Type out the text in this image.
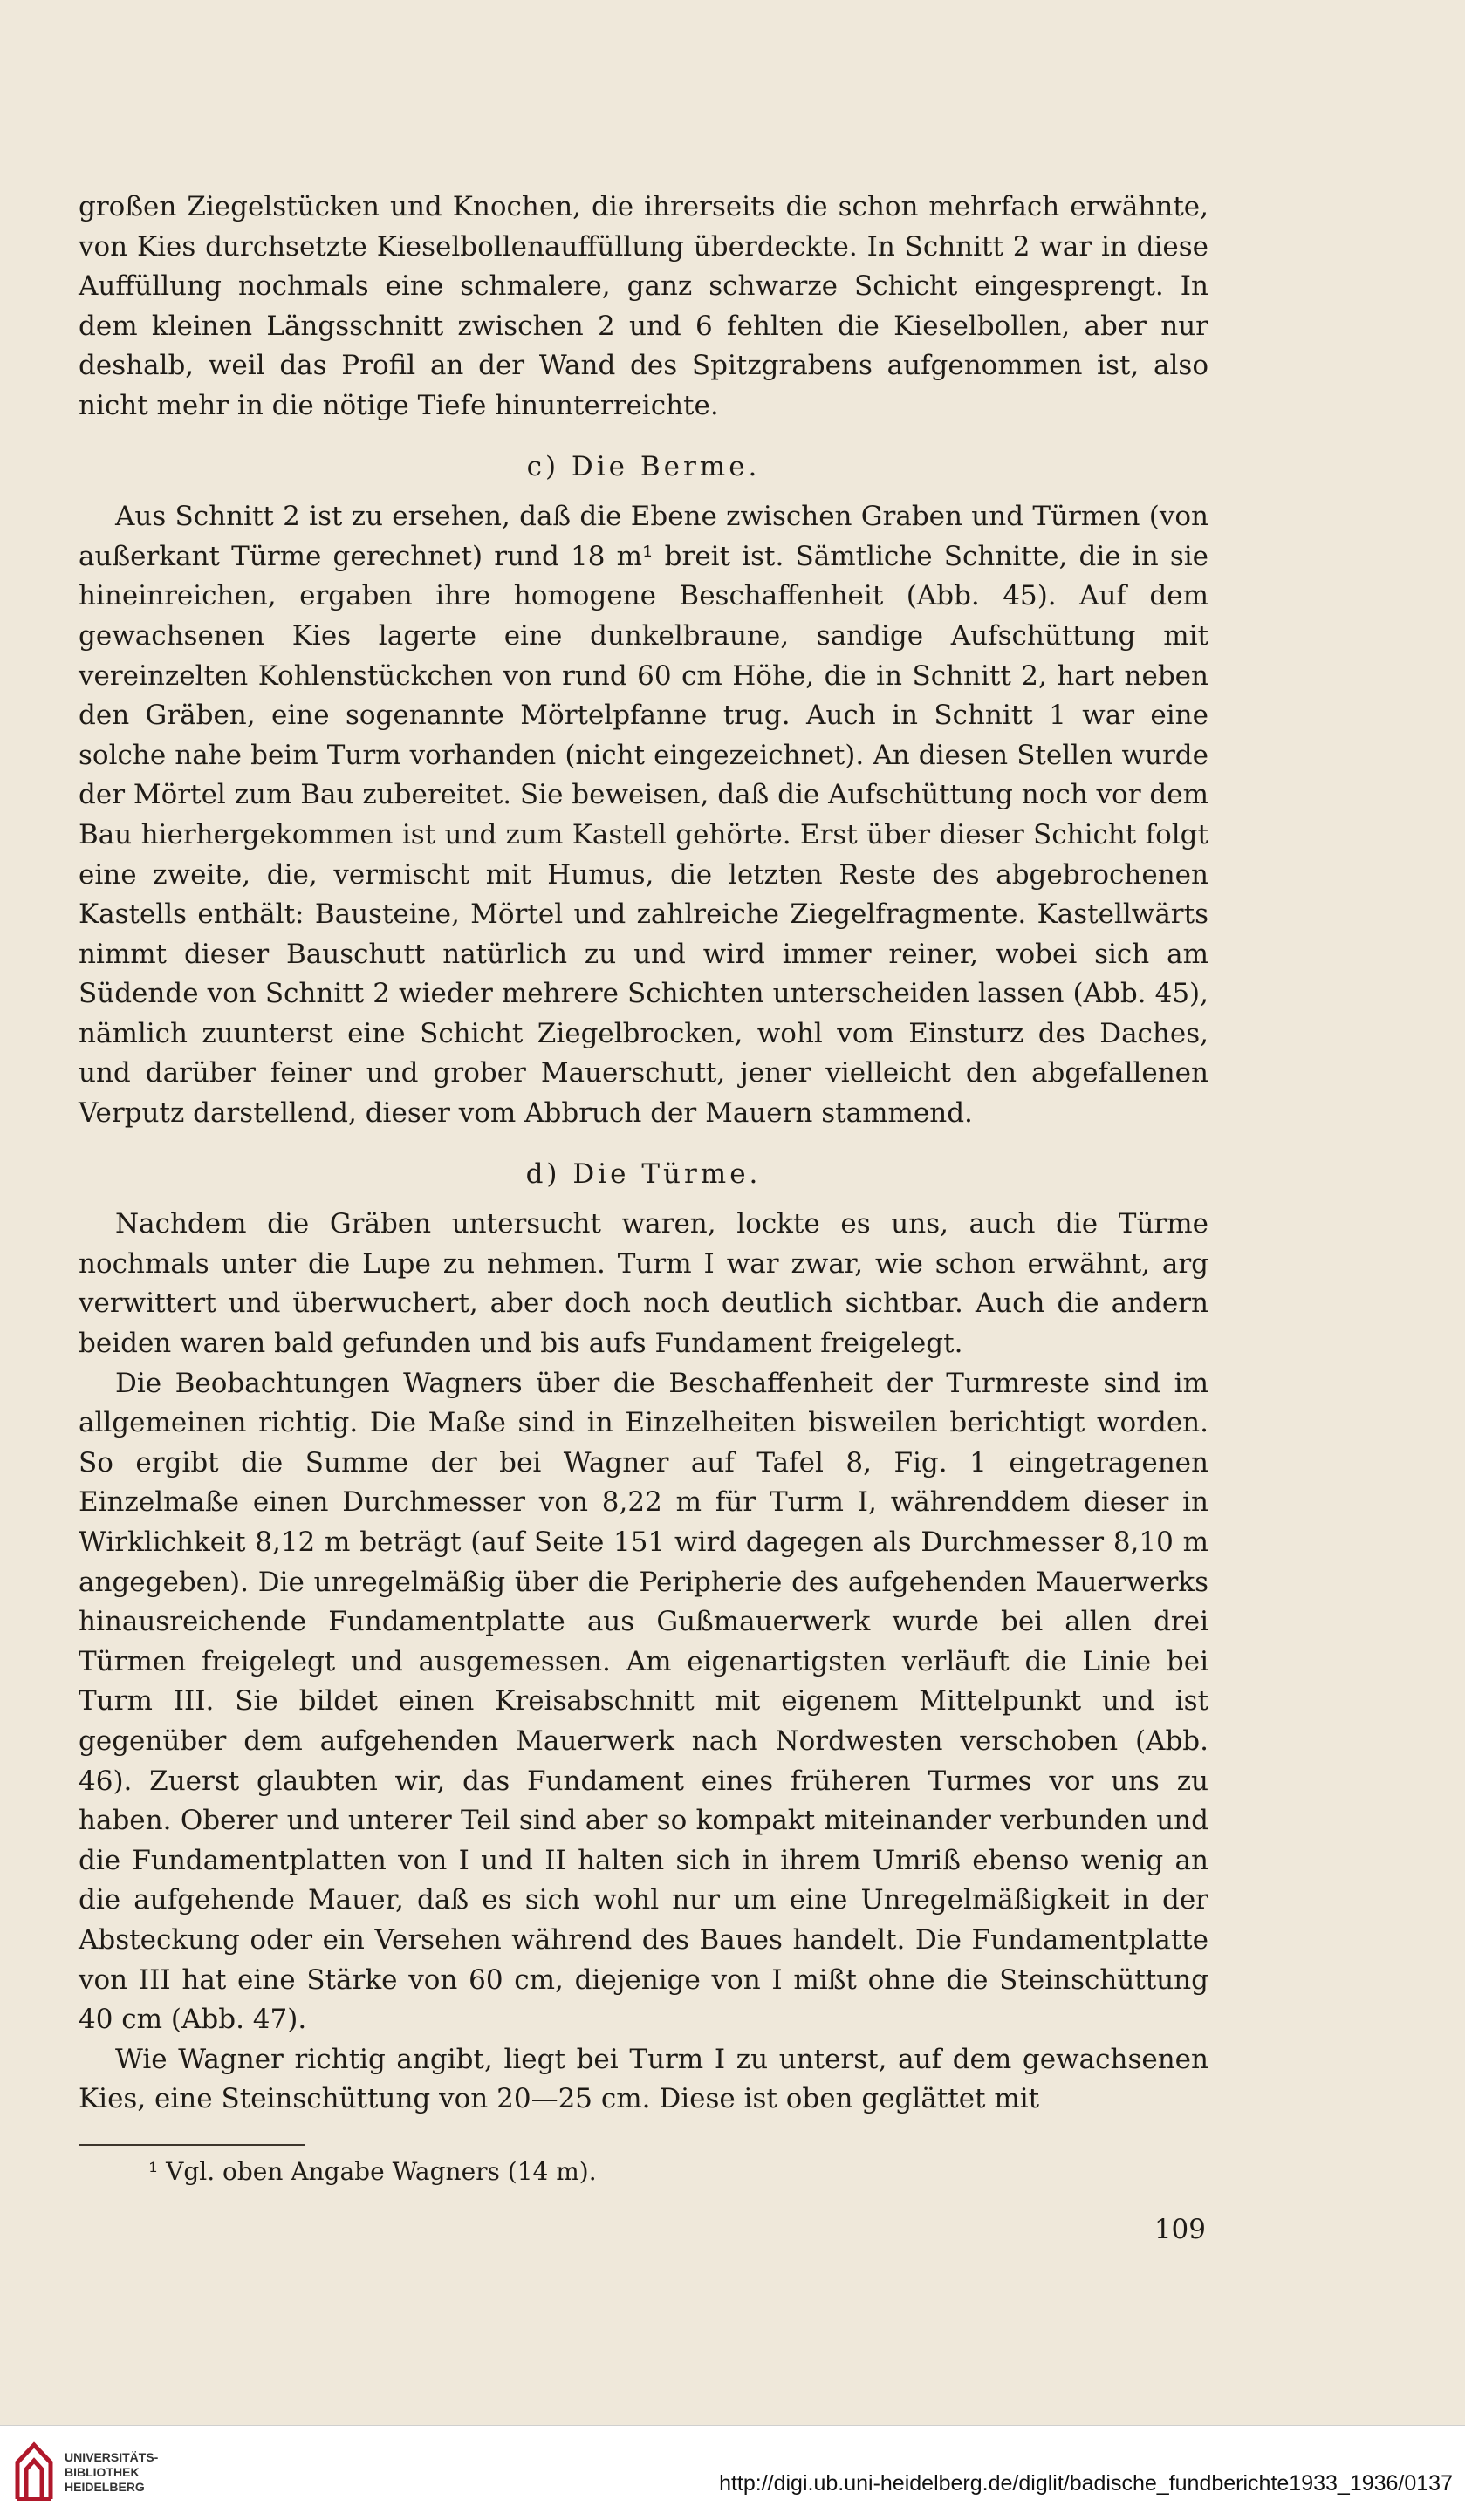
großen Ziegelstücken und Knochen, die ihrerseits die schon mehrfach erwähnte, von Kies durchsetzte Kieselbollenauffüllung überdeckte. In Schnitt 2 war in diese Auffüllung nochmals eine schmalere, ganz schwarze Schicht eingesprengt. In dem kleinen Längsschnitt zwischen 2 und 6 fehlten die Kieselbollen, aber nur deshalb, weil das Profil an der Wand des Spitzgrabens aufgenommen ist, also nicht mehr in die nötige Tiefe hinunterreichte.

c) Die Berme.

Aus Schnitt 2 ist zu ersehen, daß die Ebene zwischen Graben und Türmen (von außerkant Türme gerechnet) rund 18 m¹ breit ist. Sämtliche Schnitte, die in sie hineinreichen, ergaben ihre homogene Beschaffenheit (Abb. 45). Auf dem gewachsenen Kies lagerte eine dunkelbraune, sandige Aufschüttung mit vereinzelten Kohlenstückchen von rund 60 cm Höhe, die in Schnitt 2, hart neben den Gräben, eine sogenannte Mörtelpfanne trug. Auch in Schnitt 1 war eine solche nahe beim Turm vorhanden (nicht eingezeichnet). An diesen Stellen wurde der Mörtel zum Bau zubereitet. Sie beweisen, daß die Aufschüttung noch vor dem Bau hierhergekommen ist und zum Kastell gehörte. Erst über dieser Schicht folgt eine zweite, die, vermischt mit Humus, die letzten Reste des abgebrochenen Kastells enthält: Bausteine, Mörtel und zahlreiche Ziegelfragmente. Kastellwärts nimmt dieser Bauschutt natürlich zu und wird immer reiner, wobei sich am Südende von Schnitt 2 wieder mehrere Schichten unterscheiden lassen (Abb. 45), nämlich zuunterst eine Schicht Ziegelbrocken, wohl vom Einsturz des Daches, und darüber feiner und grober Mauerschutt, jener vielleicht den abgefallenen Verputz darstellend, dieser vom Abbruch der Mauern stammend.

d) Die Türme.

Nachdem die Gräben untersucht waren, lockte es uns, auch die Türme nochmals unter die Lupe zu nehmen. Turm I war zwar, wie schon erwähnt, arg verwittert und überwuchert, aber doch noch deutlich sichtbar. Auch die andern beiden waren bald gefunden und bis aufs Fundament freigelegt.

Die Beobachtungen Wagners über die Beschaffenheit der Turmreste sind im allgemeinen richtig. Die Maße sind in Einzelheiten bisweilen berichtigt worden. So ergibt die Summe der bei Wagner auf Tafel 8, Fig. 1 eingetragenen Einzelmaße einen Durchmesser von 8,22 m für Turm I, währenddem dieser in Wirklichkeit 8,12 m beträgt (auf Seite 151 wird dagegen als Durchmesser 8,10 m angegeben). Die unregelmäßig über die Peripherie des aufgehenden Mauerwerks hinausreichende Fundamentplatte aus Gußmauerwerk wurde bei allen drei Türmen freigelegt und ausgemessen. Am eigenartigsten verläuft die Linie bei Turm III. Sie bildet einen Kreisabschnitt mit eigenem Mittelpunkt und ist gegenüber dem aufgehenden Mauerwerk nach Nordwesten verschoben (Abb. 46). Zuerst glaubten wir, das Fundament eines früheren Turmes vor uns zu haben. Oberer und unterer Teil sind aber so kompakt miteinander verbunden und die Fundamentplatten von I und II halten sich in ihrem Umriß ebenso wenig an die aufgehende Mauer, daß es sich wohl nur um eine Unregelmäßigkeit in der Absteckung oder ein Versehen während des Baues handelt. Die Fundamentplatte von III hat eine Stärke von 60 cm, diejenige von I mißt ohne die Steinschüttung 40 cm (Abb. 47).

Wie Wagner richtig angibt, liegt bei Turm I zu unterst, auf dem gewachsenen Kies, eine Steinschüttung von 20—25 cm. Diese ist oben geglättet mit

¹ Vgl. oben Angabe Wagners (14 m).
109
UNIVERSITÄTS-
BIBLIOTHEK
HEIDELBERG	http://digi.ub.uni-heidelberg.de/diglit/badische_fundberichte1933_1936/0137
